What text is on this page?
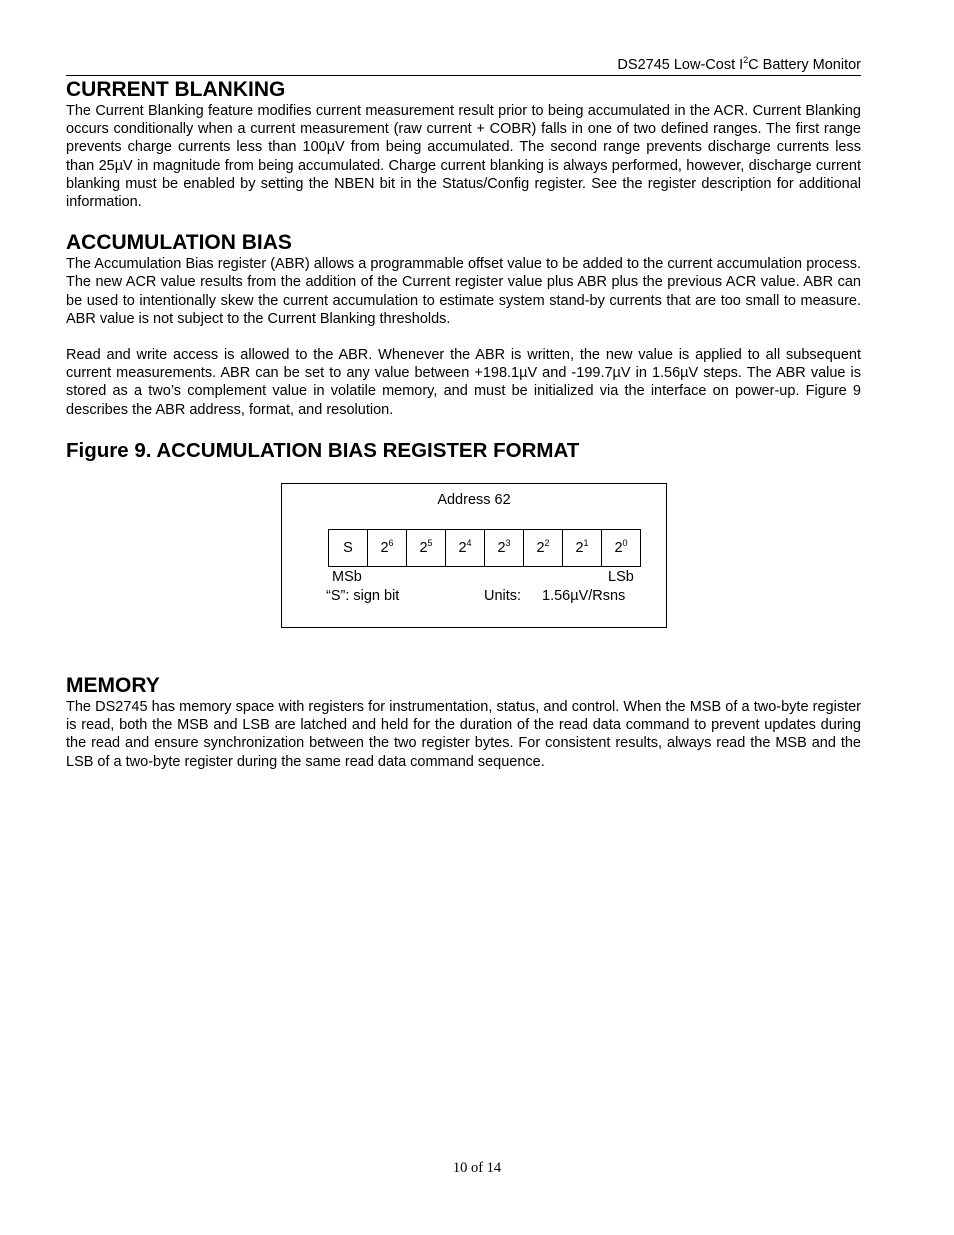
DS2745 Low-Cost $I^2C$ Battery Monitor
CURRENT BLANKING

The Current Blanking feature modifies current measurement result prior to being accumulated in the ACR. Current Blanking occurs conditionally when a current measurement (raw current + COBR) falls in one of two defined ranges. The first range prevents charge currents less than 100µV from being accumulated. The second range prevents discharge currents less than 25µV in magnitude from being accumulated. Charge current blanking is always performed, however, discharge current blanking must be enabled by setting the NBEN bit in the Status/Config register. See the register description for additional information.

ACCUMULATION BIAS

The Accumulation Bias register (ABR) allows a programmable offset value to be added to the current accumulation process. The new ACR value results from the addition of the Current register value plus ABR plus the previous ACR value. ABR can be used to intentionally skew the current accumulation to estimate system stand-by currents that are too small to measure. ABR value is not subject to the Current Blanking thresholds.

Read and write access is allowed to the ABR. Whenever the ABR is written, the new value is applied to all subsequent current measurements. ABR can be set to any value between +198.1µV and -199.7µV in 1.56µV steps. The ABR value is stored as a two’s complement value in volatile memory, and must be initialized via the interface on power-up. Figure 9 describes the ABR address, format, and resolution.

Figure 9. ACCUMULATION BIAS REGISTER FORMAT
Address 62
S	$2^6$	$2^5$	$2^4$	$2^3$	$2^2$	$2^1$	$2^0$
MSb	LSb
“S”: sign bit	Units: 1.56µV/Rsns
MEMORY

The DS2745 has memory space with registers for instrumentation, status, and control. When the MSB of a two-byte register is read, both the MSB and LSB are latched and held for the duration of the read data command to prevent updates during the read and ensure synchronization between the two register bytes. For consistent results, always read the MSB and the LSB of a two-byte register during the same read data command sequence.

10 of 14
